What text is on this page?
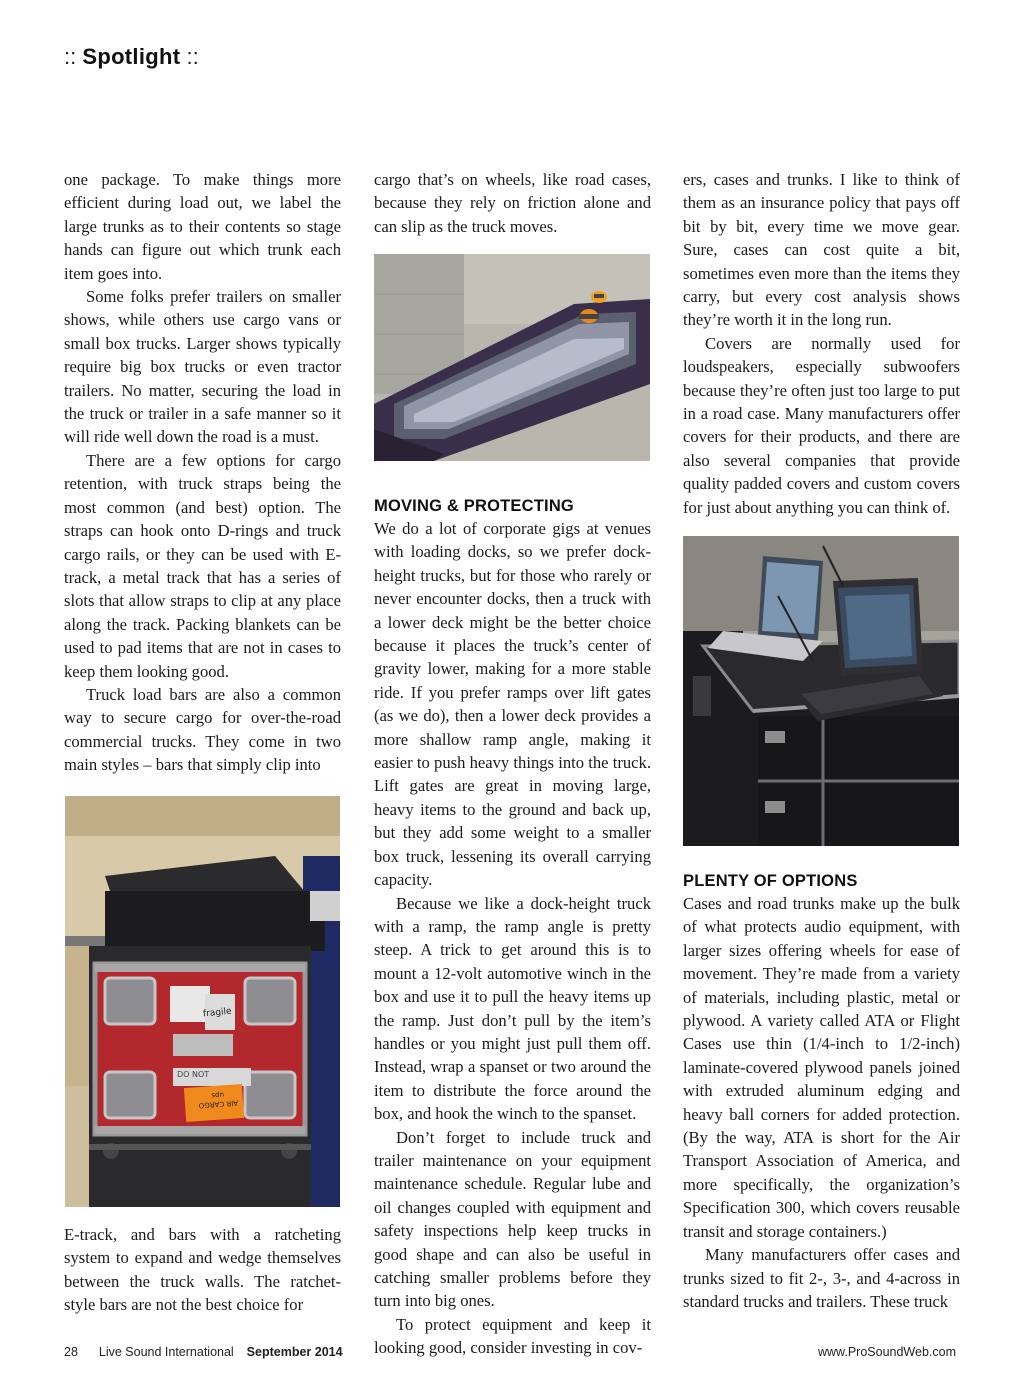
:: Spotlight ::

one package. To make things more efficient during load out, we label the large trunks as to their contents so stage hands can figure out which trunk each item goes into.

Some folks prefer trailers on smaller shows, while others use cargo vans or small box trucks. Larger shows typically require big box trucks or even tractor trailers. No matter, securing the load in the truck or trailer in a safe manner so it will ride well down the road is a must.

There are a few options for cargo retention, with truck straps being the most common (and best) option. The straps can hook onto D-rings and truck cargo rails, or they can be used with E-track, a metal track that has a series of slots that allow straps to clip at any place along the track. Packing blankets can be used to pad items that are not in cases to keep them looking good.

Truck load bars are also a common way to secure cargo for over-the-road commercial trucks. They come in two main styles – bars that simply clip into

fragile
DO NOT
AIR CARGO
ups

E-track, and bars with a ratcheting system to expand and wedge themselves between the truck walls. The ratchet-style bars are not the best choice for

cargo that’s on wheels, like road cases, because they rely on friction alone and can slip as the truck moves.

MOVING & PROTECTING

We do a lot of corporate gigs at venues with loading docks, so we prefer dock-height trucks, but for those who rarely or never encounter docks, then a truck with a lower deck might be the better choice because it places the truck’s center of gravity lower, making for a more stable ride. If you prefer ramps over lift gates (as we do), then a lower deck provides a more shallow ramp angle, making it easier to push heavy things into the truck. Lift gates are great in moving large, heavy items to the ground and back up, but they add some weight to a smaller box truck, lessening its overall carrying capacity.

Because we like a dock-height truck with a ramp, the ramp angle is pretty steep. A trick to get around this is to mount a 12-volt automotive winch in the box and use it to pull the heavy items up the ramp. Just don’t pull by the item’s handles or you might just pull them off. Instead, wrap a spanset or two around the item to distribute the force around the box, and hook the winch to the spanset.

Don’t forget to include truck and trailer maintenance on your equipment maintenance schedule. Regular lube and oil changes coupled with equipment and safety inspections help keep trucks in good shape and can also be useful in catching smaller problems before they turn into big ones.

To protect equipment and keep it looking good, consider investing in cov-

ers, cases and trunks. I like to think of them as an insurance policy that pays off bit by bit, every time we move gear. Sure, cases can cost quite a bit, sometimes even more than the items they carry, but every cost analysis shows they’re worth it in the long run.

Covers are normally used for loudspeakers, especially subwoofers because they’re often just too large to put in a road case. Many manufacturers offer covers for their products, and there are also several companies that provide quality padded covers and custom covers for just about anything you can think of.

PLENTY OF OPTIONS

Cases and road trunks make up the bulk of what protects audio equipment, with larger sizes offering wheels for ease of movement. They’re made from a variety of materials, including plastic, metal or plywood. A variety called ATA or Flight Cases use thin (1/4-inch to 1/2-inch) laminate-covered plywood panels joined with extruded aluminum edging and heavy ball corners for added protection. (By the way, ATA is short for the Air Transport Association of America, and more specifically, the organization’s Specification 300, which covers reusable transit and storage containers.)

Many manufacturers offer cases and trunks sized to fit 2-, 3-, and 4-across in standard trucks and trailers. These truck

28 Live Sound International September 2014	www.ProSoundWeb.com
